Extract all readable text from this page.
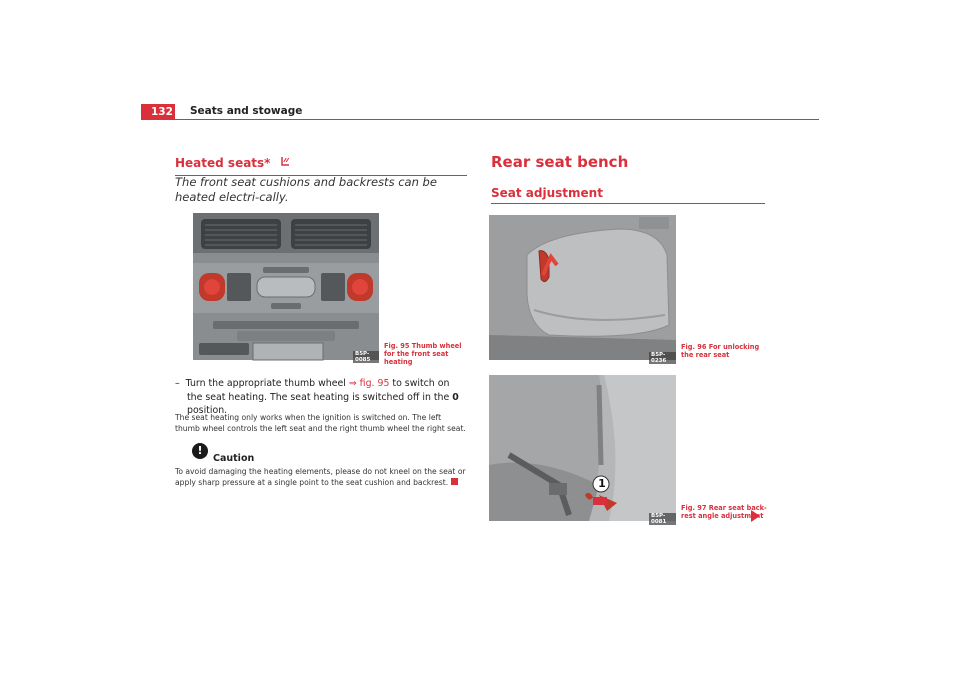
132 Seats and stowage
Heated seats*
The front seat cushions and backrests can be heated electri-cally.
B5P-0085
Fig. 95 Thumb wheel for the front seat heating
– Turn the appropriate thumb wheel ⇒ fig. 95 to switch on the seat heating. The seat heating is switched off in the 0 position.
The seat heating only works when the ignition is switched on. The left thumb wheel controls the left seat and the right thumb wheel the right seat.
!
Caution
To avoid damaging the heating elements, please do not kneel on the seat or apply sharp pressure at a single point to the seat cushion and backrest.
Rear seat bench
Seat adjustment
B5P-0236
Fig. 96 For unlocking the rear seat
1
B5P-0081
Fig. 97 Rear seat back-rest angle adjustment
